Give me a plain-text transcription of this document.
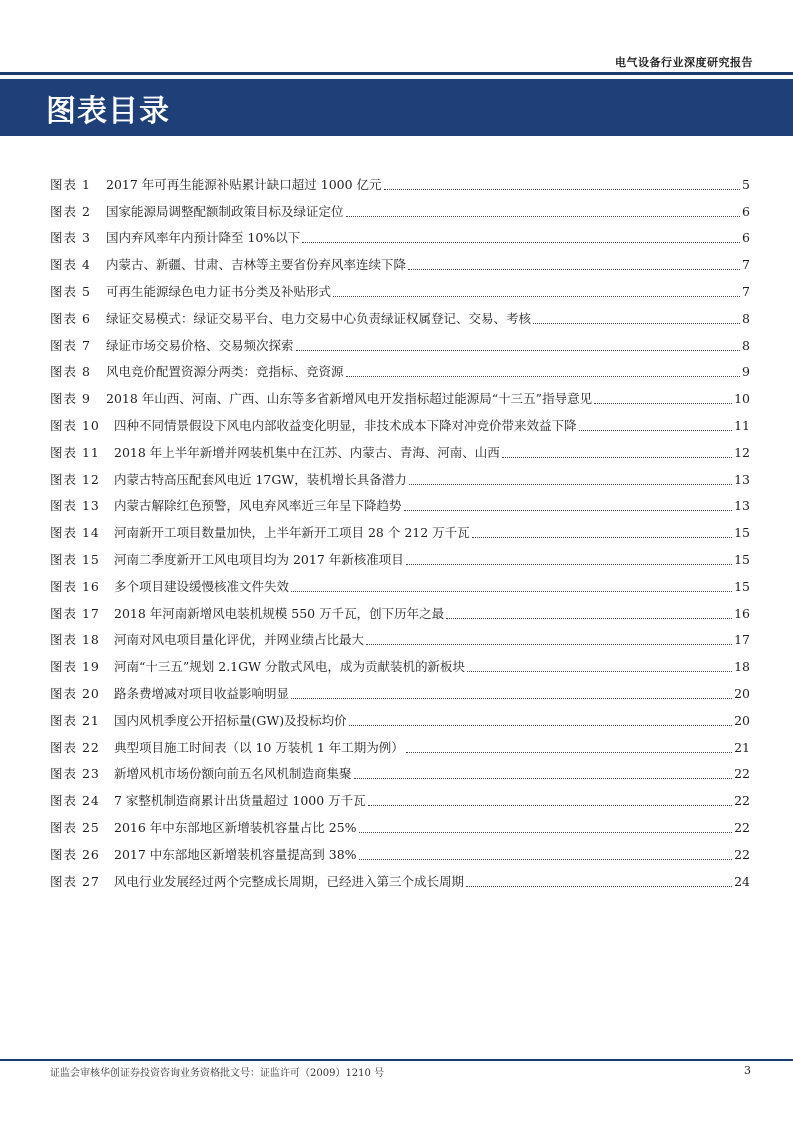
电气设备行业深度研究报告
图表目录
图表 1	2017 年可再生能源补贴累计缺口超过 1000 亿元	5
图表 2	国家能源局调整配额制政策目标及绿证定位	6
图表 3	国内弃风率年内预计降至 10%以下	6
图表 4	内蒙古、新疆、甘肃、吉林等主要省份弃风率连续下降	7
图表 5	可再生能源绿色电力证书分类及补贴形式	7
图表 6	绿证交易模式：绿证交易平台、电力交易中心负责绿证权属登记、交易、考核	8
图表 7	绿证市场交易价格、交易频次探索	8
图表 8	风电竞价配置资源分两类：竞指标、竞资源	9
图表 9	2018 年山西、河南、广西、山东等多省新增风电开发指标超过能源局“十三五”指导意见	10
图表 10	四种不同情景假设下风电内部收益变化明显，非技术成本下降对冲竞价带来效益下降	11
图表 11	2018 年上半年新增并网装机集中在江苏、内蒙古、青海、河南、山西	12
图表 12	内蒙古特高压配套风电近 17GW，装机增长具备潜力	13
图表 13	内蒙古解除红色预警，风电弃风率近三年呈下降趋势	13
图表 14	河南新开工项目数量加快，上半年新开工项目 28 个 212 万千瓦	15
图表 15	河南二季度新开工风电项目均为 2017 年新核准项目	15
图表 16	多个项目建设缓慢核准文件失效	15
图表 17	2018 年河南新增风电装机规模 550 万千瓦，创下历年之最	16
图表 18	河南对风电项目量化评优，并网业绩占比最大	17
图表 19	河南“十三五”规划 2.1GW 分散式风电，成为贡献装机的新板块	18
图表 20	路条费增减对项目收益影响明显	20
图表 21	国内风机季度公开招标量(GW)及投标均价	20
图表 22	典型项目施工时间表（以 10 万装机 1 年工期为例）	21
图表 23	新增风机市场份额向前五名风机制造商集聚	22
图表 24	7 家整机制造商累计出货量超过 1000 万千瓦	22
图表 25	2016 年中东部地区新增装机容量占比 25%	22
图表 26	2017 中东部地区新增装机容量提高到 38%	22
图表 27	风电行业发展经过两个完整成长周期，已经进入第三个成长周期	24
证监会审核华创证券投资咨询业务资格批文号：证监许可（2009）1210 号	3
